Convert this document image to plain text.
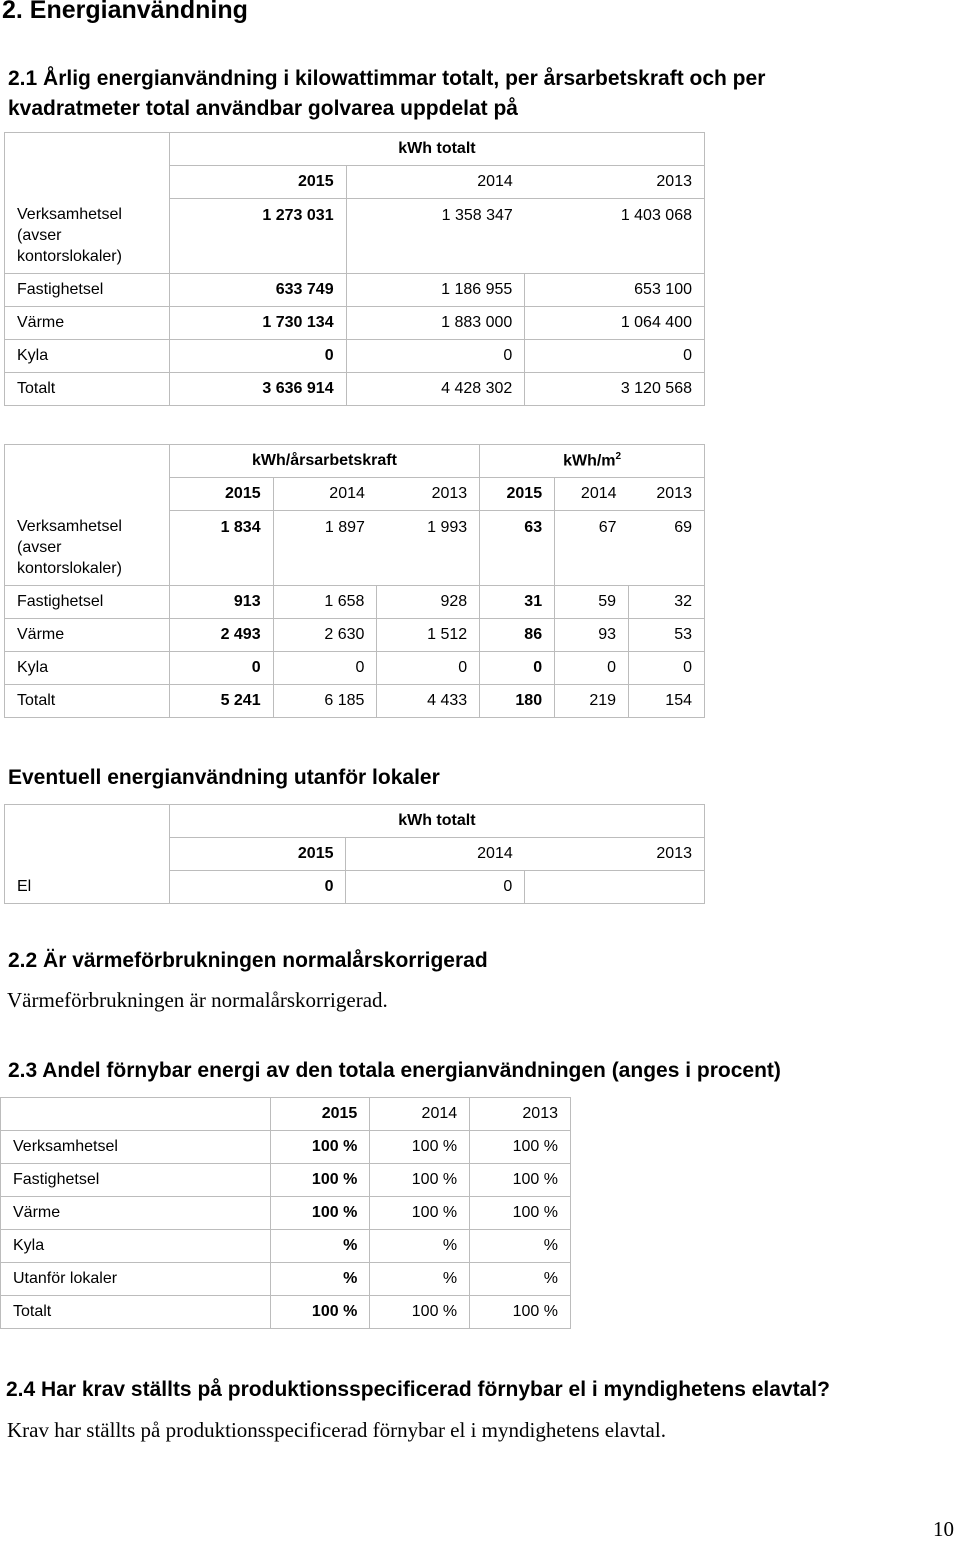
2. Energianvändning
2.1 Årlig energianvändning i kilowattimmar totalt, per årsarbetskraft och per kvadratmeter total användbar golvarea uppdelat på
Verksamhetsel (avser kontorslokaler)	kWh totalt		
	2015	2014	2013
	1 273 031	1 358 347	1 403 068
Fastighetsel	633 749	1 186 955	653 100
Värme	1 730 134	1 883 000	1 064 400
Kyla	0	0	0
Totalt	3 636 914	4 428 302	3 120 568
Verksamhetsel (avser kontorslokaler)	kWh/årsarbetskraft			kWh/$m^2$
	2015	2014	2013	2015	2014	2013
	1 834	1 897	1 993	63	67	69
Fastighetsel	913	1 658	928	31	59	32
Värme	2 493	2 630	1 512	86	93	53
Kyla	0	0	0	0	0	0
Totalt	5 241	6 185	4 433	180	219	154
Eventuell energianvändning utanför lokaler
	kWh totalt		
	2015	2014	2013
El	0	0	
2.2 Är värmeförbrukningen normalårskorrigerad
Värmeförbrukningen är normalårskorrigerad.
2.3 Andel förnybar energi av den totala energianvändningen (anges i procent)
	2015	2014	2013
Verksamhetsel	100 %	100 %	100 %
Fastighetsel	100 %	100 %	100 %
Värme	100 %	100 %	100 %
Kyla	%	%	%
Utanför lokaler	%	%	%
Totalt	100 %	100 %	100 %
2.4 Har krav ställts på produktionsspecificerad förnybar el i myndighetens elavtal?
Krav har ställts på produktionsspecificerad förnybar el i myndighetens elavtal.
10
